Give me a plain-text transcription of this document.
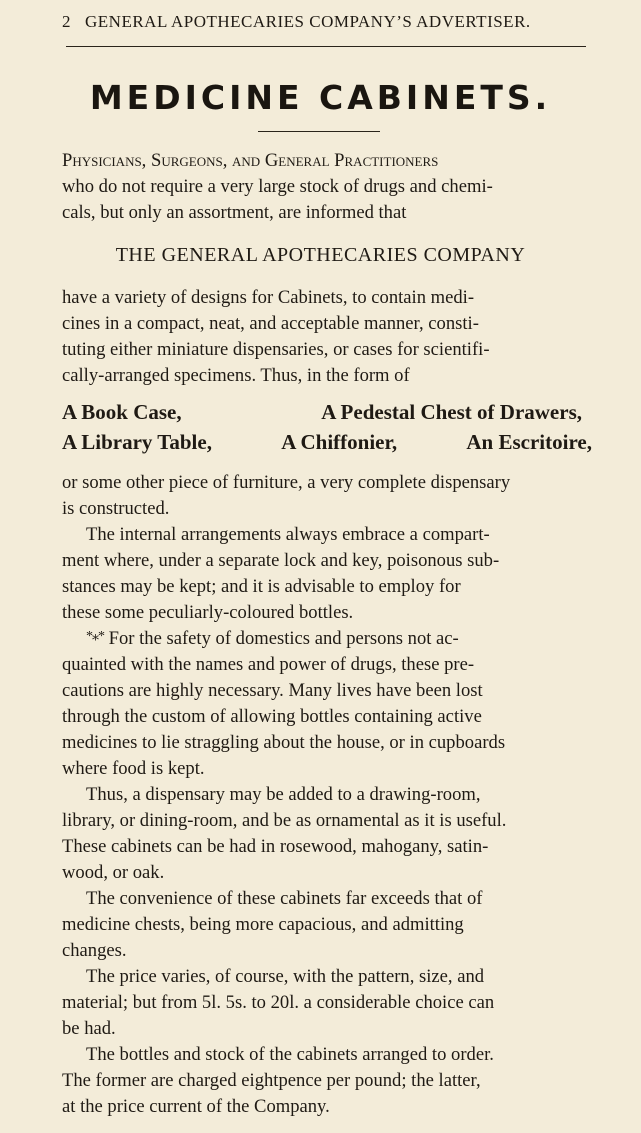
2 GENERAL APOTHECARIES COMPANY’S ADVERTISER.
MEDICINE CABINETS.
Physicians, Surgeons, and General Practitioners
who do not require a very large stock of drugs and chemi-
cals, but only an assortment, are informed that
THE GENERAL APOTHECARIES COMPANY
have a variety of designs for Cabinets, to contain medi-
cines in a compact, neat, and acceptable manner, consti-
tuting either miniature dispensaries, or cases for scientifi-
cally-arranged specimens. Thus, in the form of
A Book Case,	A Pedestal Chest of Drawers,
A Library Table,	A Chiffonier,	An Escritoire,
or some other piece of furniture, a very complete dispensary
is constructed.
The internal arrangements always embrace a compart-
ment where, under a separate lock and key, poisonous sub-
stances may be kept; and it is advisable to employ for
these some peculiarly-coloured bottles.
*⁎* For the safety of domestics and persons not ac-
quainted with the names and power of drugs, these pre-
cautions are highly necessary. Many lives have been lost
through the custom of allowing bottles containing active
medicines to lie straggling about the house, or in cupboards
where food is kept.
Thus, a dispensary may be added to a drawing-room,
library, or dining-room, and be as ornamental as it is useful.
These cabinets can be had in rosewood, mahogany, satin-
wood, or oak.
The convenience of these cabinets far exceeds that of
medicine chests, being more capacious, and admitting
changes.
The price varies, of course, with the pattern, size, and
material; but from 5l. 5s. to 20l. a considerable choice can
be had.
The bottles and stock of the cabinets arranged to order.
The former are charged eightpence per pound; the latter,
at the price current of the Company.
